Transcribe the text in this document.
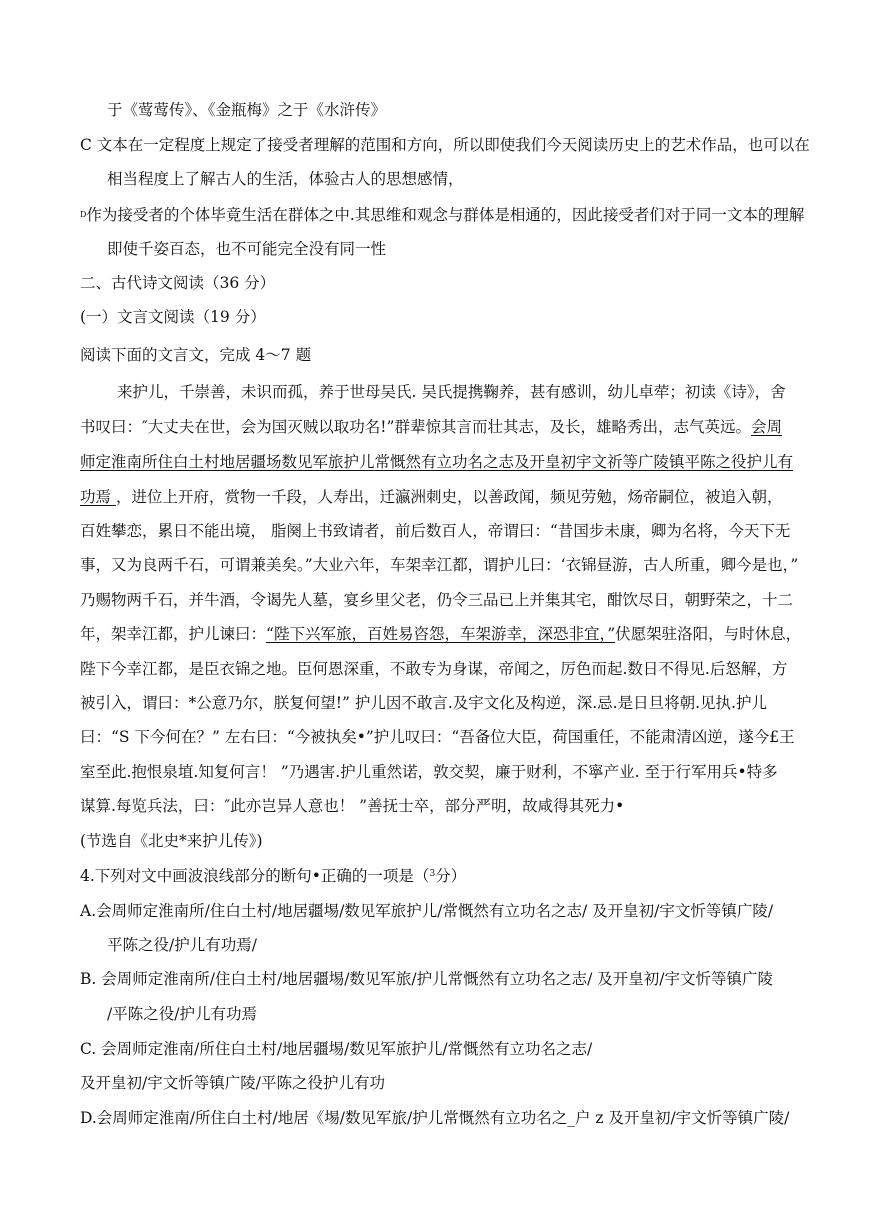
于《莺莺传》、《金瓶梅》之于《水浒传》
C 文本在一定程度上规定了接受者理解的范围和方向，所以即使我们今天阅读历史上的艺术作品，也可以在
相当程度上了解古人的生活，体验古人的思想感情，
D作为接受者的个体毕竟生活在群体之中.其思维和观念与群体是相通的，因此接受者们对于同一文本的理解
即使千姿百态，也不可能完全没有同一性
二、古代诗文阅读（36 分）
(一）文言文阅读（19 分）
阅读下面的文言文，完成 4～7 题
来护儿，千崇善，未识而孤，养于世母吴氏. 吴氏提携鞠养，甚有感训，幼儿卓荦；初读《诗》，舍
书叹曰：″大丈夫在世，会为国灭贼以取功名!”群辈惊其言而壮其志，及长，雄略秀出，志气英远。会周
师定淮南所住白土村地居疆场数见军旅护儿常慨然有立功名之志及开皇初宇文祈等广陵镇平陈之役护儿有
功焉 ，进位上开府，赏物一千段，人寿出，迁瀛洲刺史，以善政闻，频见劳勉，炀帝嗣位，被追入朝，
百姓攀恋，累日不能出境， 脂阕上书致请者，前后数百人，帝谓曰：“昔国步未康，卿为名将，今天下无
事，又为良两千石，可谓兼美矣。”大业六年，车架幸江都，谓护儿曰：‘衣锦昼游，古人所重，卿今是也，”
乃赐物两千石，并牛酒，令谒先人墓，宴乡里父老，仍令三品已上并集其宅，酣饮尽日，朝野荣之，十二
年，架幸江都，护儿谏曰：“陛下兴军旅，百姓易咨怨，车架游幸，深恐非宜，”伏愿架驻洛阳，与时休息，
陛下今幸江都，是臣衣锦之地。臣何恩深重，不敢专为身谋，帝闻之，厉色而起.数日不得见.后怒解，方
被引入，谓曰：*公意乃尔，朕复何望!” 护儿因不敢言.及宇文化及构逆，深.忌.是日旦将朝.见执.护儿
曰：“S 下今何在？” 左右曰：“今被执矣•”护儿叹曰：“吾备位大臣，荷国重任，不能肃清凶逆，遂今£王
室至此.抱恨泉埴.知复何言！ ”乃遇害.护儿重然诺，敦交契，廉于财利，不寧产业. 至于行军用兵•特多
谋算.每览兵法，曰：″此亦岂异人意也！ ”善抚士卒，部分严明，故咸得其死力•
(节选自《北史*来护儿传》)
4.下列对文中画波浪线部分的断句•正确的一项是（$^3$分）
A.会周师定淮南所/住白土村/地居疆埸/数见军旅护儿/常慨然有立功名之志/ 及开皇初/宇文忻等镇广陵/
平陈之役/护儿有功焉/
B. 会周师定淮南所/住白土村/地居疆埸/数见军旅/护儿常慨然有立功名之志/ 及开皇初/宇文忻等镇广陵
/平陈之役/护儿有功焉
C. 会周师定淮南/所住白土村/地居疆埸/数见军旅护儿/常慨然有立功名之志/
及开皇初/宇文忻等镇广陵/平陈之役护儿有功
D.会周师定淮南/所住白土村/地居《埸/数见军旅/护儿常慨然有立功名之_户 z 及开皇初/宇文忻等镇广陵/
